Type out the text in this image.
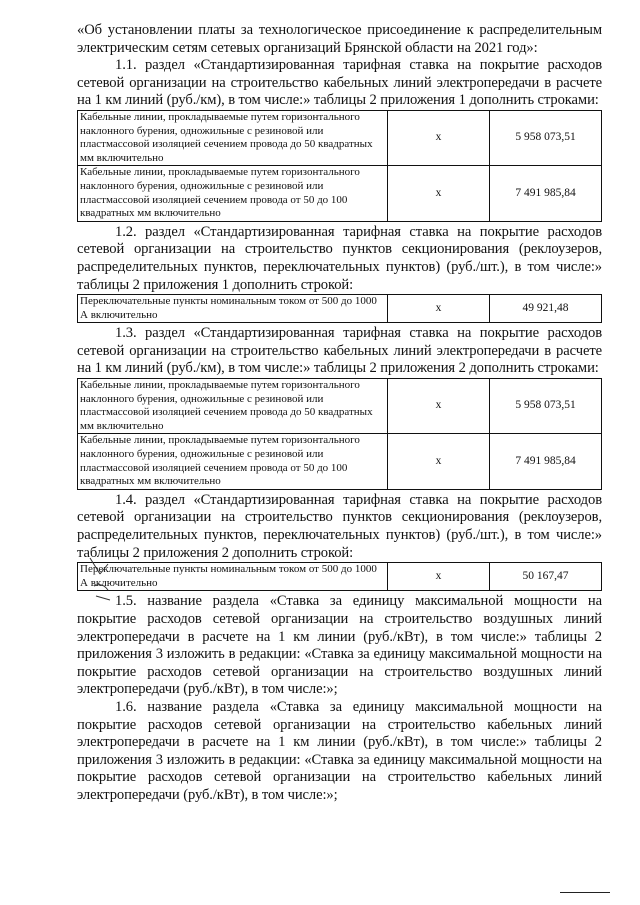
«Об установлении платы за технологическое присоединение к распределительным электрическим сетям сетевых организаций Брянской области на 2021 год»:

1.1. раздел «Стандартизированная тарифная ставка на покрытие расходов сетевой организации на строительство кабельных линий электропередачи в расчете на 1 км линий (руб./км), в том числе:» таблицы 2 приложения 1 дополнить строками:

Кабельные линии, прокладываемые путем горизонтального наклонного бурения, одножильные с резиновой или пластмассовой изоляцией сечением провода до 50 квадратных мм включительно	х	5 958 073,51
Кабельные линии, прокладываемые путем горизонтального наклонного бурения, одножильные с резиновой или пластмассовой изоляцией сечением провода от 50 до 100 квадратных мм включительно	х	7 491 985,84

1.2. раздел «Стандартизированная тарифная ставка на покрытие расходов сетевой организации на строительство пунктов секционирования (реклоузеров, распределительных пунктов, переключательных пунктов) (руб./шт.), в том числе:» таблицы 2 приложения 1 дополнить строкой:

Переключательные пункты номинальным током от 500 до 1000 А включительно	х	49 921,48

1.3. раздел «Стандартизированная тарифная ставка на покрытие расходов сетевой организации на строительство кабельных линий электропередачи в расчете на 1 км линий (руб./км), в том числе:» таблицы 2 приложения 2 дополнить строками:

Кабельные линии, прокладываемые путем горизонтального наклонного бурения, одножильные с резиновой или пластмассовой изоляцией сечением провода до 50 квадратных мм включительно	х	5 958 073,51
Кабельные линии, прокладываемые путем горизонтального наклонного бурения, одножильные с резиновой или пластмассовой изоляцией сечением провода от 50 до 100 квадратных мм включительно	х	7 491 985,84

1.4. раздел «Стандартизированная тарифная ставка на покрытие расходов сетевой организации на строительство пунктов секционирования (реклоузеров, распределительных пунктов, переключательных пунктов) (руб./шт.), в том числе:» таблицы 2 приложения 2 дополнить строкой:

Переключательные пункты номинальным током от 500 до 1000 А включительно	х	50 167,47

1.5. название раздела «Ставка за единицу максимальной мощности на покрытие расходов сетевой организации на строительство воздушных линий электропередачи в расчете на 1 км линии (руб./кВт), в том числе:» таблицы 2 приложения 3 изложить в редакции: «Ставка за единицу максимальной мощности на покрытие расходов сетевой организации на строительство воздушных линий электропередачи (руб./кВт), в том числе:»;

1.6. название раздела «Ставка за единицу максимальной мощности на покрытие расходов сетевой организации на строительство кабельных линий электропередачи в расчете на 1 км линии (руб./кВт), в том числе:» таблицы 2 приложения 3 изложить в редакции: «Ставка за единицу максимальной мощности на покрытие расходов сетевой организации на строительство кабельных линий электропередачи (руб./кВт), в том числе:»;
